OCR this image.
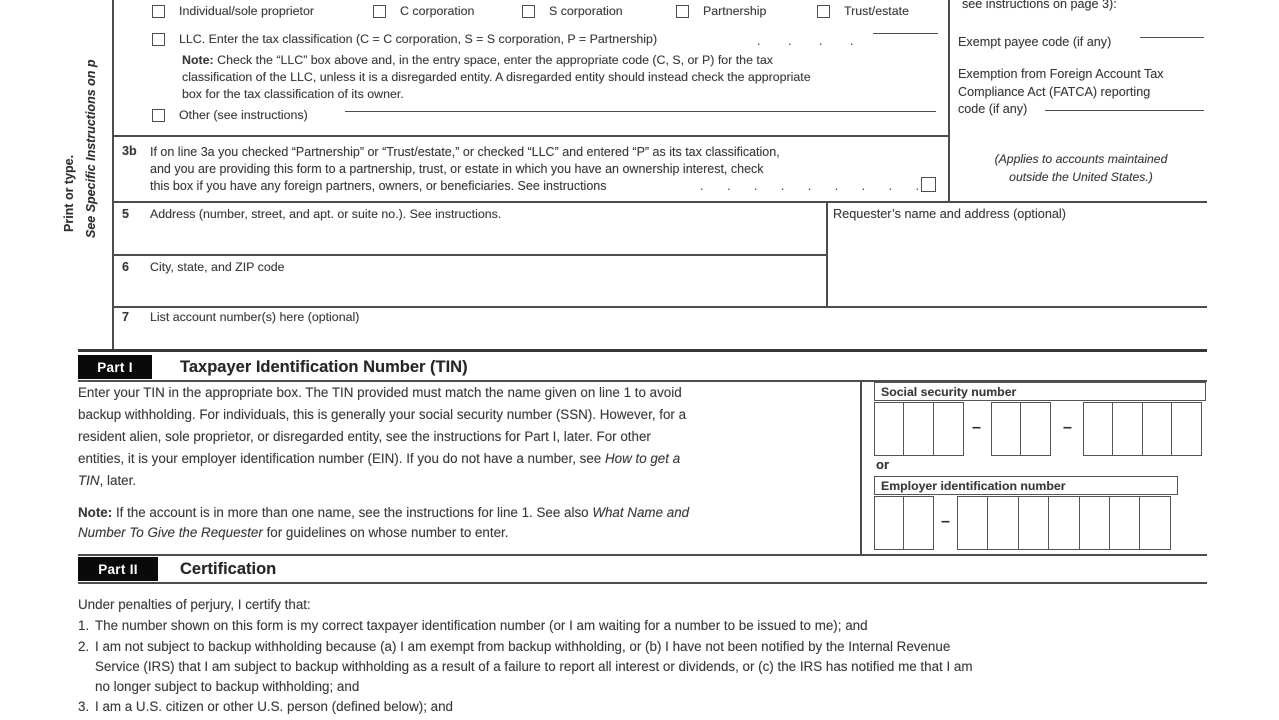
Print or type. See Specific Instructions on p
Individual/sole proprietor	C corporation	S corporation	Partnership	Trust/estate
LLC. Enter the tax classification (C = C corporation, S = S corporation, P = Partnership)	. . . .
Note: Check the “LLC” box above and, in the entry space, enter the appropriate code (C, S, or P) for the tax
classification of the LLC, unless it is a disregarded entity. A disregarded entity should instead check the appropriate
box for the tax classification of its owner.
Other (see instructions)
see instructions on page 3):
Exempt payee code (if any)
Exemption from Foreign Account Tax
Compliance Act (FATCA) reporting
code (if any)
(Applies to accounts maintained
outside the United States.)
3b If on line 3a you checked “Partnership” or “Trust/estate,” or checked “LLC” and entered “P” as its tax classification,
and you are providing this form to a partnership, trust, or estate in which you have an ownership interest, check
this box if you have any foreign partners, owners, or beneficiaries. See instructions	. . . . . . . . .
5 Address (number, street, and apt. or suite no.). See instructions.	Requester’s name and address (optional)
6 City, state, and ZIP code
7 List account number(s) here (optional)
Part I	Taxpayer Identification Number (TIN)
Enter your TIN in the appropriate box. The TIN provided must match the name given on line 1 to avoid
backup withholding. For individuals, this is generally your social security number (SSN). However, for a
resident alien, sole proprietor, or disregarded entity, see the instructions for Part I, later. For other
entities, it is your employer identification number (EIN). If you do not have a number, see How to get a
TIN, later.
Note: If the account is in more than one name, see the instructions for line 1. See also What Name and
Number To Give the Requester for guidelines on whose number to enter.
Social security number
–	–
or
Employer identification number
–
Part II	Certification
Under penalties of perjury, I certify that:
1. The number shown on this form is my correct taxpayer identification number (or I am waiting for a number to be issued to me); and
2. I am not subject to backup withholding because (a) I am exempt from backup withholding, or (b) I have not been notified by the Internal Revenue
Service (IRS) that I am subject to backup withholding as a result of a failure to report all interest or dividends, or (c) the IRS has notified me that I am
no longer subject to backup withholding; and
3. I am a U.S. citizen or other U.S. person (defined below); and
